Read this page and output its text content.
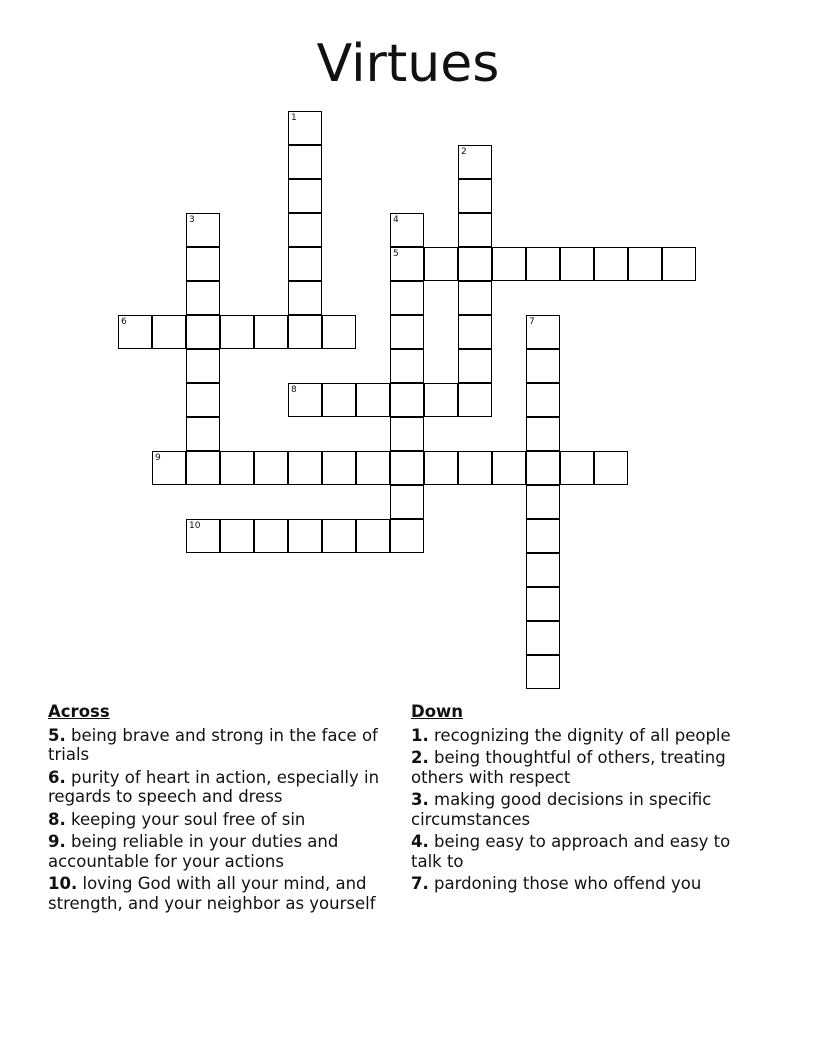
Virtues
1
2
3	4
5
6	7
8
9
10
Across
5. being brave and strong in the face of trials
6. purity of heart in action, especially in regards to speech and dress
8. keeping your soul free of sin
9. being reliable in your duties and accountable for your actions
10. loving God with all your mind, and strength, and your neighbor as yourself
Down
1. recognizing the dignity of all people
2. being thoughtful of others, treating others with respect
3. making good decisions in specific circumstances
4. being easy to approach and easy to talk to
7. pardoning those who offend you
